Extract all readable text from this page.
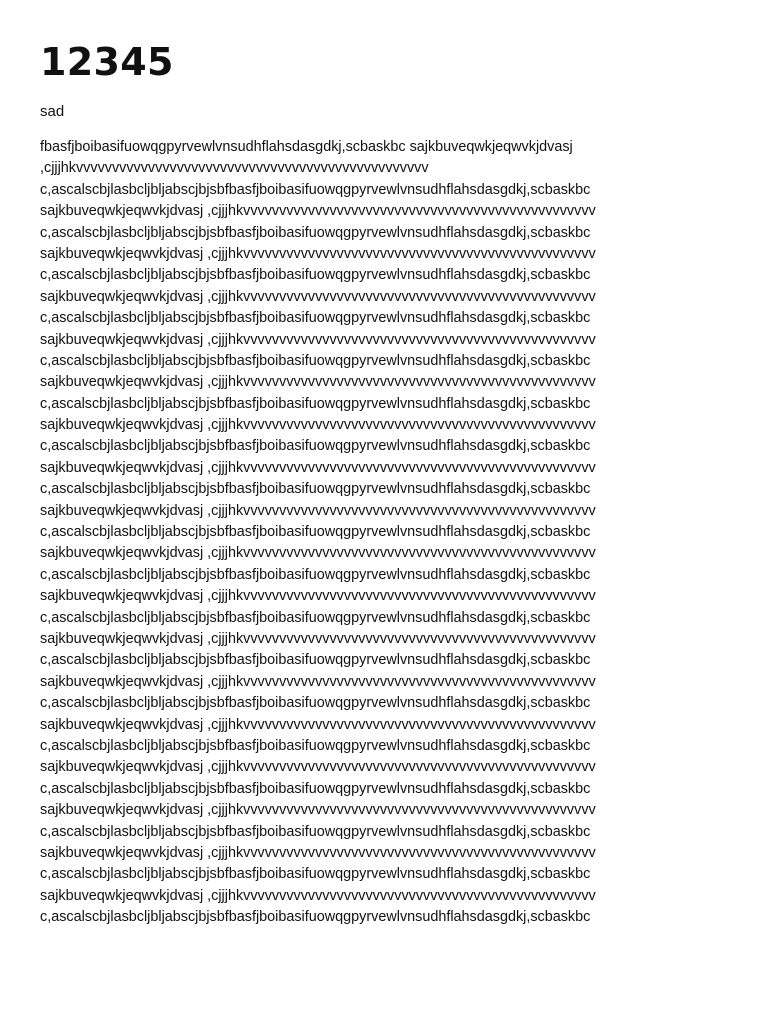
12345

sad

fbasfjboibasifuowqgpyrvewlvnsudhflahsdasgdkj,scbaskbc sajkbuveqwkjeqwvkjdvasj
,cjjjhkvvvvvvvvvvvvvvvvvvvvvvvvvvvvvvvvvvvvvvvvvvvvvvvvv
c,ascalscbjlasbcljbljabscjbjsbfbasfjboibasifuowqgpyrvewlvnsudhflahsdasgdkj,scbaskbc
sajkbuveqwkjeqwvkjdvasj ,cjjjhkvvvvvvvvvvvvvvvvvvvvvvvvvvvvvvvvvvvvvvvvvvvvvvvvv
c,ascalscbjlasbcljbljabscjbjsbfbasfjboibasifuowqgpyrvewlvnsudhflahsdasgdkj,scbaskbc
sajkbuveqwkjeqwvkjdvasj ,cjjjhkvvvvvvvvvvvvvvvvvvvvvvvvvvvvvvvvvvvvvvvvvvvvvvvvv
c,ascalscbjlasbcljbljabscjbjsbfbasfjboibasifuowqgpyrvewlvnsudhflahsdasgdkj,scbaskbc
sajkbuveqwkjeqwvkjdvasj ,cjjjhkvvvvvvvvvvvvvvvvvvvvvvvvvvvvvvvvvvvvvvvvvvvvvvvvv
c,ascalscbjlasbcljbljabscjbjsbfbasfjboibasifuowqgpyrvewlvnsudhflahsdasgdkj,scbaskbc
sajkbuveqwkjeqwvkjdvasj ,cjjjhkvvvvvvvvvvvvvvvvvvvvvvvvvvvvvvvvvvvvvvvvvvvvvvvvv
c,ascalscbjlasbcljbljabscjbjsbfbasfjboibasifuowqgpyrvewlvnsudhflahsdasgdkj,scbaskbc
sajkbuveqwkjeqwvkjdvasj ,cjjjhkvvvvvvvvvvvvvvvvvvvvvvvvvvvvvvvvvvvvvvvvvvvvvvvvv
c,ascalscbjlasbcljbljabscjbjsbfbasfjboibasifuowqgpyrvewlvnsudhflahsdasgdkj,scbaskbc
sajkbuveqwkjeqwvkjdvasj ,cjjjhkvvvvvvvvvvvvvvvvvvvvvvvvvvvvvvvvvvvvvvvvvvvvvvvvv
c,ascalscbjlasbcljbljabscjbjsbfbasfjboibasifuowqgpyrvewlvnsudhflahsdasgdkj,scbaskbc
sajkbuveqwkjeqwvkjdvasj ,cjjjhkvvvvvvvvvvvvvvvvvvvvvvvvvvvvvvvvvvvvvvvvvvvvvvvvv
c,ascalscbjlasbcljbljabscjbjsbfbasfjboibasifuowqgpyrvewlvnsudhflahsdasgdkj,scbaskbc
sajkbuveqwkjeqwvkjdvasj ,cjjjhkvvvvvvvvvvvvvvvvvvvvvvvvvvvvvvvvvvvvvvvvvvvvvvvvv
c,ascalscbjlasbcljbljabscjbjsbfbasfjboibasifuowqgpyrvewlvnsudhflahsdasgdkj,scbaskbc
sajkbuveqwkjeqwvkjdvasj ,cjjjhkvvvvvvvvvvvvvvvvvvvvvvvvvvvvvvvvvvvvvvvvvvvvvvvvv
c,ascalscbjlasbcljbljabscjbjsbfbasfjboibasifuowqgpyrvewlvnsudhflahsdasgdkj,scbaskbc
sajkbuveqwkjeqwvkjdvasj ,cjjjhkvvvvvvvvvvvvvvvvvvvvvvvvvvvvvvvvvvvvvvvvvvvvvvvvv
c,ascalscbjlasbcljbljabscjbjsbfbasfjboibasifuowqgpyrvewlvnsudhflahsdasgdkj,scbaskbc
sajkbuveqwkjeqwvkjdvasj ,cjjjhkvvvvvvvvvvvvvvvvvvvvvvvvvvvvvvvvvvvvvvvvvvvvvvvvv
c,ascalscbjlasbcljbljabscjbjsbfbasfjboibasifuowqgpyrvewlvnsudhflahsdasgdkj,scbaskbc
sajkbuveqwkjeqwvkjdvasj ,cjjjhkvvvvvvvvvvvvvvvvvvvvvvvvvvvvvvvvvvvvvvvvvvvvvvvvv
c,ascalscbjlasbcljbljabscjbjsbfbasfjboibasifuowqgpyrvewlvnsudhflahsdasgdkj,scbaskbc
sajkbuveqwkjeqwvkjdvasj ,cjjjhkvvvvvvvvvvvvvvvvvvvvvvvvvvvvvvvvvvvvvvvvvvvvvvvvv
c,ascalscbjlasbcljbljabscjbjsbfbasfjboibasifuowqgpyrvewlvnsudhflahsdasgdkj,scbaskbc
sajkbuveqwkjeqwvkjdvasj ,cjjjhkvvvvvvvvvvvvvvvvvvvvvvvvvvvvvvvvvvvvvvvvvvvvvvvvv
c,ascalscbjlasbcljbljabscjbjsbfbasfjboibasifuowqgpyrvewlvnsudhflahsdasgdkj,scbaskbc
sajkbuveqwkjeqwvkjdvasj ,cjjjhkvvvvvvvvvvvvvvvvvvvvvvvvvvvvvvvvvvvvvvvvvvvvvvvvv
c,ascalscbjlasbcljbljabscjbjsbfbasfjboibasifuowqgpyrvewlvnsudhflahsdasgdkj,scbaskbc
sajkbuveqwkjeqwvkjdvasj ,cjjjhkvvvvvvvvvvvvvvvvvvvvvvvvvvvvvvvvvvvvvvvvvvvvvvvvv
c,ascalscbjlasbcljbljabscjbjsbfbasfjboibasifuowqgpyrvewlvnsudhflahsdasgdkj,scbaskbc
sajkbuveqwkjeqwvkjdvasj ,cjjjhkvvvvvvvvvvvvvvvvvvvvvvvvvvvvvvvvvvvvvvvvvvvvvvvvv
c,ascalscbjlasbcljbljabscjbjsbfbasfjboibasifuowqgpyrvewlvnsudhflahsdasgdkj,scbaskbc
